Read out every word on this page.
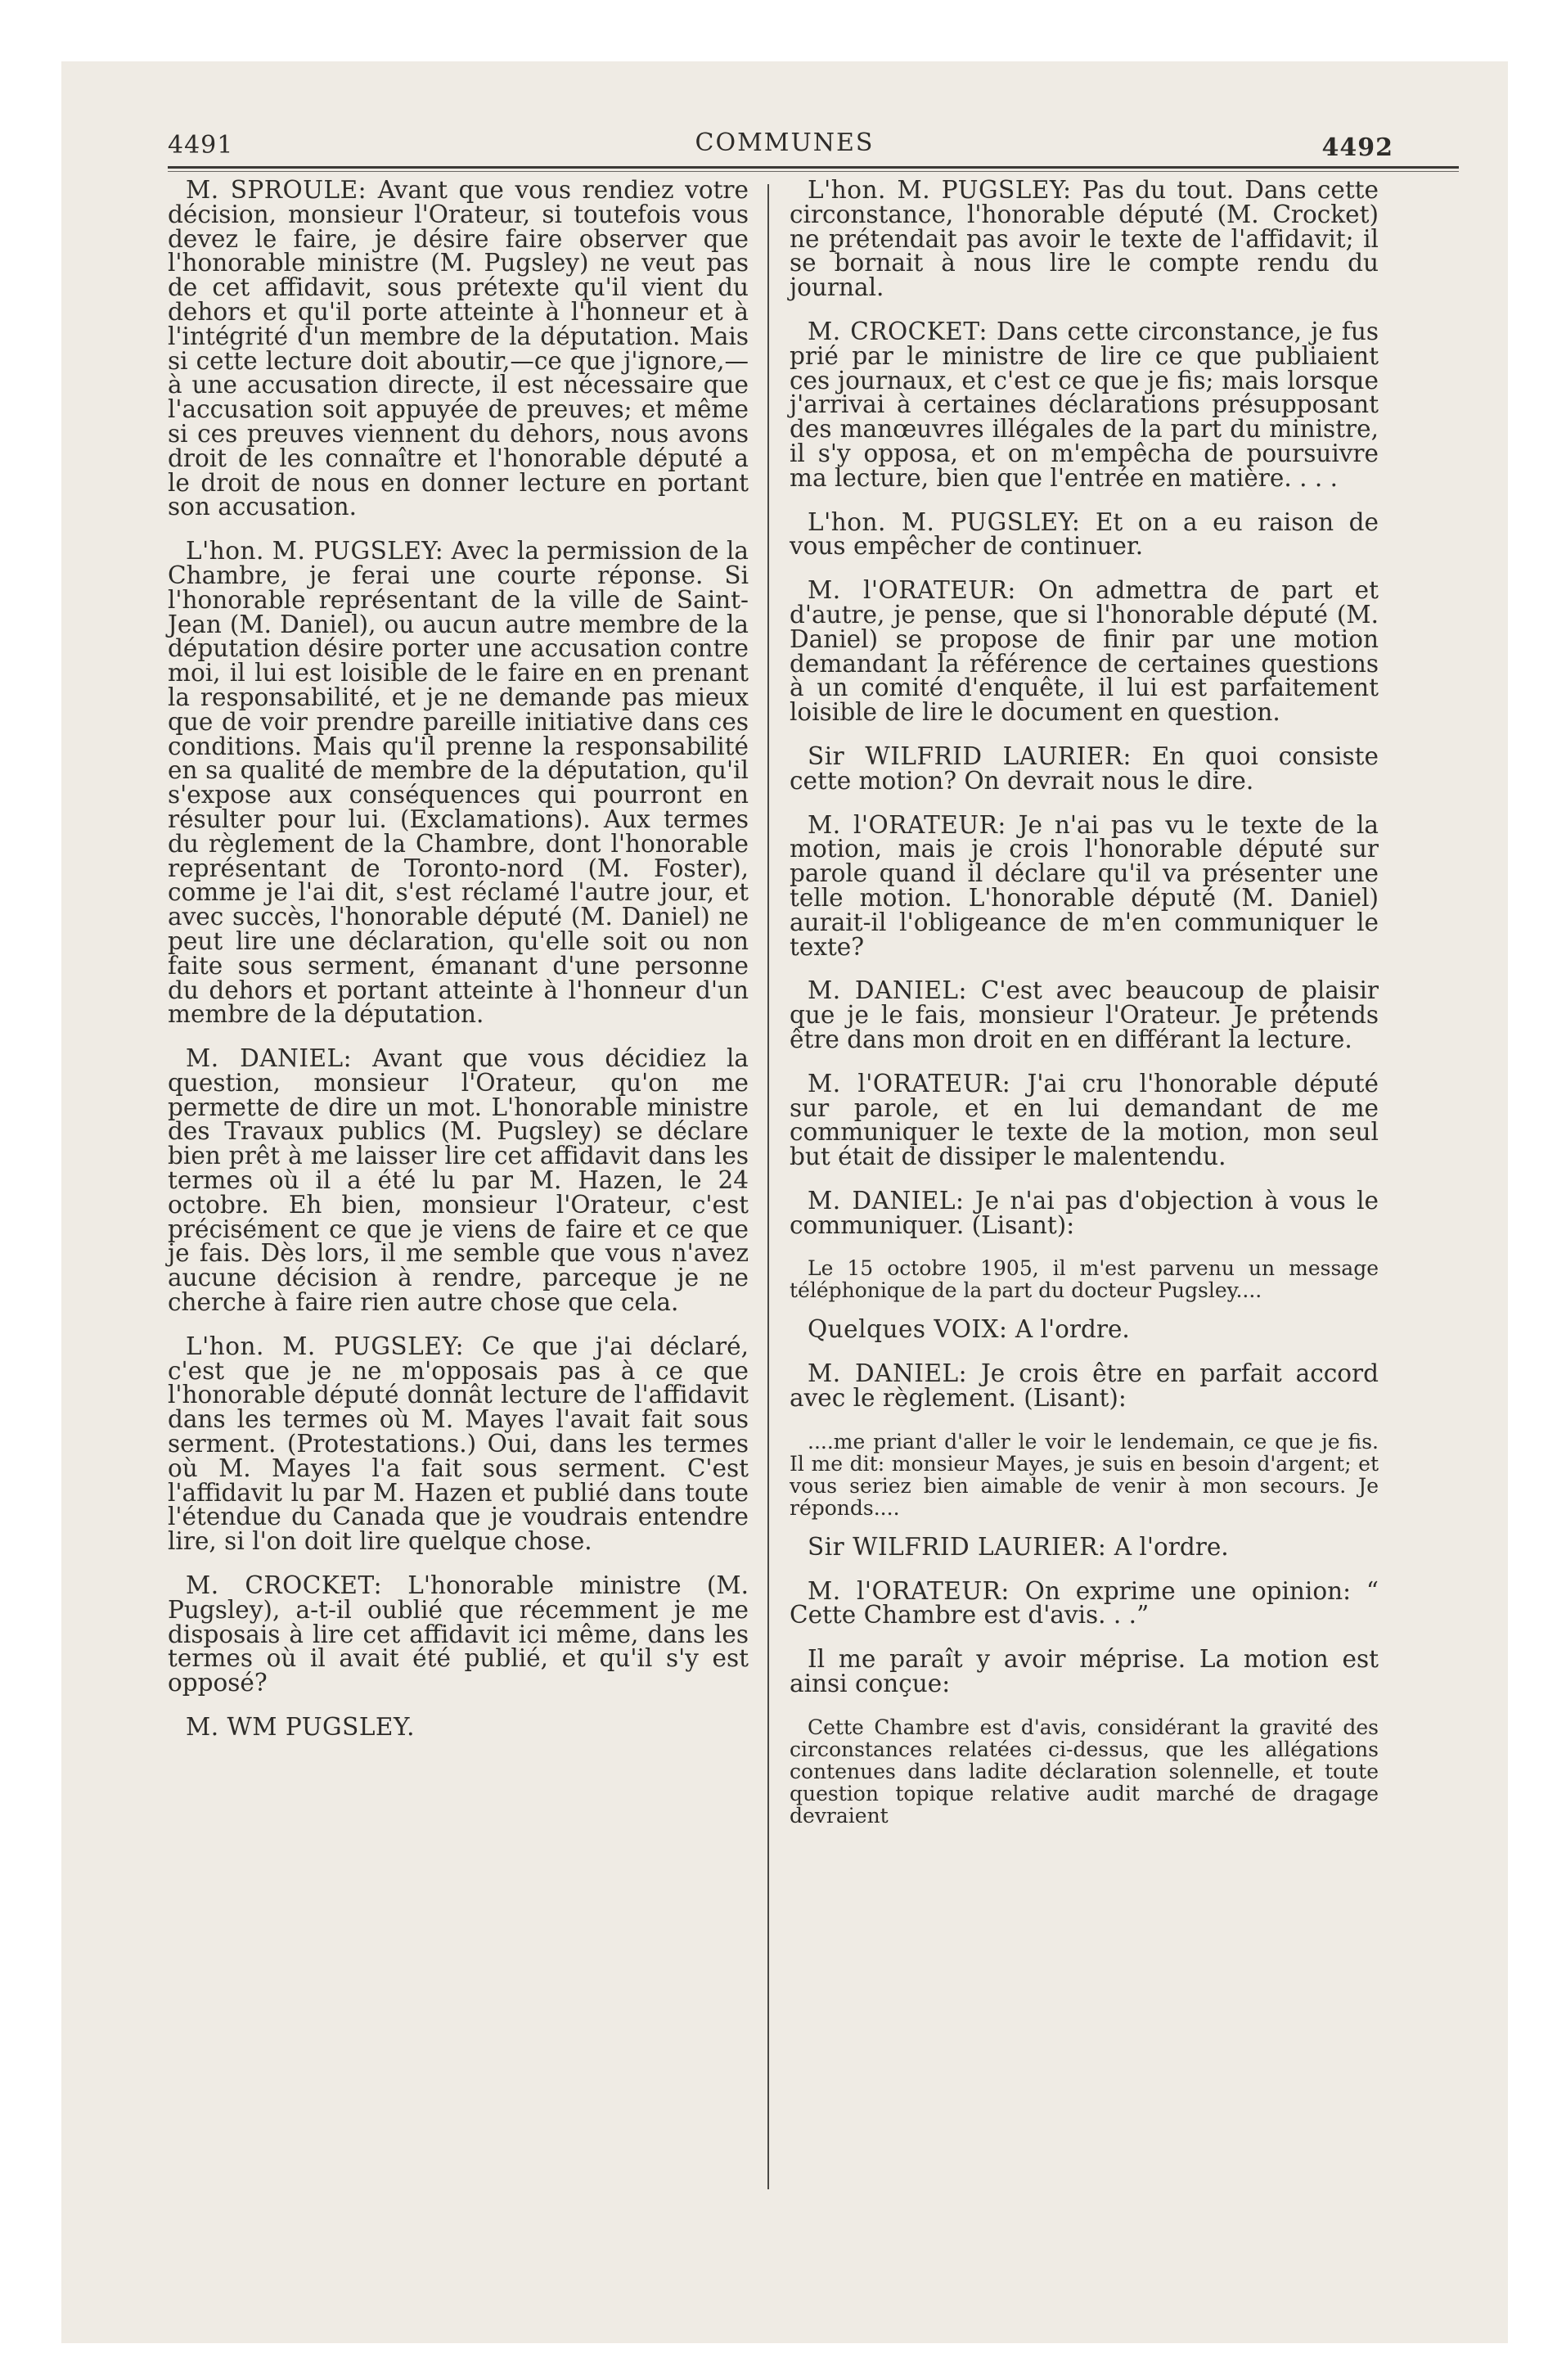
4491	COMMUNES	4492

M. SPROULE: Avant que vous rendiez votre décision, monsieur l'Orateur, si toutefois vous devez le faire, je désire faire observer que l'honorable ministre (M. Pugsley) ne veut pas de cet affidavit, sous prétexte qu'il vient du dehors et qu'il porte atteinte à l'honneur et à l'intégrité d'un membre de la députation. Mais si cette lecture doit aboutir,—ce que j'ignore,—à une accusation directe, il est nécessaire que l'accusation soit appuyée de preuves; et même si ces preuves viennent du dehors, nous avons droit de les connaître et l'honorable député a le droit de nous en donner lecture en portant son accusation.

L'hon. M. PUGSLEY: Avec la permission de la Chambre, je ferai une courte réponse. Si l'honorable représentant de la ville de Saint-Jean (M. Daniel), ou aucun autre membre de la députation désire porter une accusation contre moi, il lui est loisible de le faire en en prenant la responsabilité, et je ne demande pas mieux que de voir prendre pareille initiative dans ces conditions. Mais qu'il prenne la responsabilité en sa qualité de membre de la députation, qu'il s'expose aux conséquences qui pourront en résulter pour lui. (Exclamations). Aux termes du règlement de la Chambre, dont l'honorable représentant de Toronto-nord (M. Foster), comme je l'ai dit, s'est réclamé l'autre jour, et avec succès, l'honorable député (M. Daniel) ne peut lire une déclaration, qu'elle soit ou non faite sous serment, émanant d'une personne du dehors et portant atteinte à l'honneur d'un membre de la députation.

M. DANIEL: Avant que vous décidiez la question, monsieur l'Orateur, qu'on me permette de dire un mot. L'honorable ministre des Travaux publics (M. Pugsley) se déclare bien prêt à me laisser lire cet affidavit dans les termes où il a été lu par M. Hazen, le 24 octobre. Eh bien, monsieur l'Orateur, c'est précisément ce que je viens de faire et ce que je fais. Dès lors, il me semble que vous n'avez aucune décision à rendre, parceque je ne cherche à faire rien autre chose que cela.

L'hon. M. PUGSLEY: Ce que j'ai déclaré, c'est que je ne m'opposais pas à ce que l'honorable député donnât lecture de l'affidavit dans les termes où M. Mayes l'avait fait sous serment. (Protestations.) Oui, dans les termes où M. Mayes l'a fait sous serment. C'est l'affidavit lu par M. Hazen et publié dans toute l'étendue du Canada que je voudrais entendre lire, si l'on doit lire quelque chose.

M. CROCKET: L'honorable ministre (M. Pugsley), a-t-il oublié que récemment je me disposais à lire cet affidavit ici même, dans les termes où il avait été publié, et qu'il s'y est opposé?

M. WM PUGSLEY.

L'hon. M. PUGSLEY: Pas du tout. Dans cette circonstance, l'honorable député (M. Crocket) ne prétendait pas avoir le texte de l'affidavit; il se bornait à nous lire le compte rendu du journal.

M. CROCKET: Dans cette circonstance, je fus prié par le ministre de lire ce que publiaient ces journaux, et c'est ce que je fis; mais lorsque j'arrivai à certaines déclarations présupposant des manœuvres illégales de la part du ministre, il s'y opposa, et on m'empêcha de poursuivre ma lecture, bien que l'entrée en matière. . . .

L'hon. M. PUGSLEY: Et on a eu raison de vous empêcher de continuer.

M. l'ORATEUR: On admettra de part et d'autre, je pense, que si l'honorable député (M. Daniel) se propose de finir par une motion demandant la référence de certaines questions à un comité d'enquête, il lui est parfaitement loisible de lire le document en question.

Sir WILFRID LAURIER: En quoi consiste cette motion? On devrait nous le dire.

M. l'ORATEUR: Je n'ai pas vu le texte de la motion, mais je crois l'honorable député sur parole quand il déclare qu'il va présenter une telle motion. L'honorable député (M. Daniel) aurait-il l'obligeance de m'en communiquer le texte?

M. DANIEL: C'est avec beaucoup de plaisir que je le fais, monsieur l'Orateur. Je prétends être dans mon droit en en différant la lecture.

M. l'ORATEUR: J'ai cru l'honorable député sur parole, et en lui demandant de me communiquer le texte de la motion, mon seul but était de dissiper le malentendu.

M. DANIEL: Je n'ai pas d'objection à vous le communiquer. (Lisant):

Le 15 octobre 1905, il m'est parvenu un message téléphonique de la part du docteur Pugsley....

Quelques VOIX: A l'ordre.

M. DANIEL: Je crois être en parfait accord avec le règlement. (Lisant):

....me priant d'aller le voir le lendemain, ce que je fis. Il me dit: monsieur Mayes, je suis en besoin d'argent; et vous seriez bien aimable de venir à mon secours. Je réponds....

Sir WILFRID LAURIER: A l'ordre.

M. l'ORATEUR: On exprime une opinion: “ Cette Chambre est d'avis. . .”

Il me paraît y avoir méprise. La motion est ainsi conçue:

Cette Chambre est d'avis, considérant la gravité des circonstances relatées ci-dessus, que les allégations contenues dans ladite déclaration solennelle, et toute question topique relative audit marché de dragage devraient
